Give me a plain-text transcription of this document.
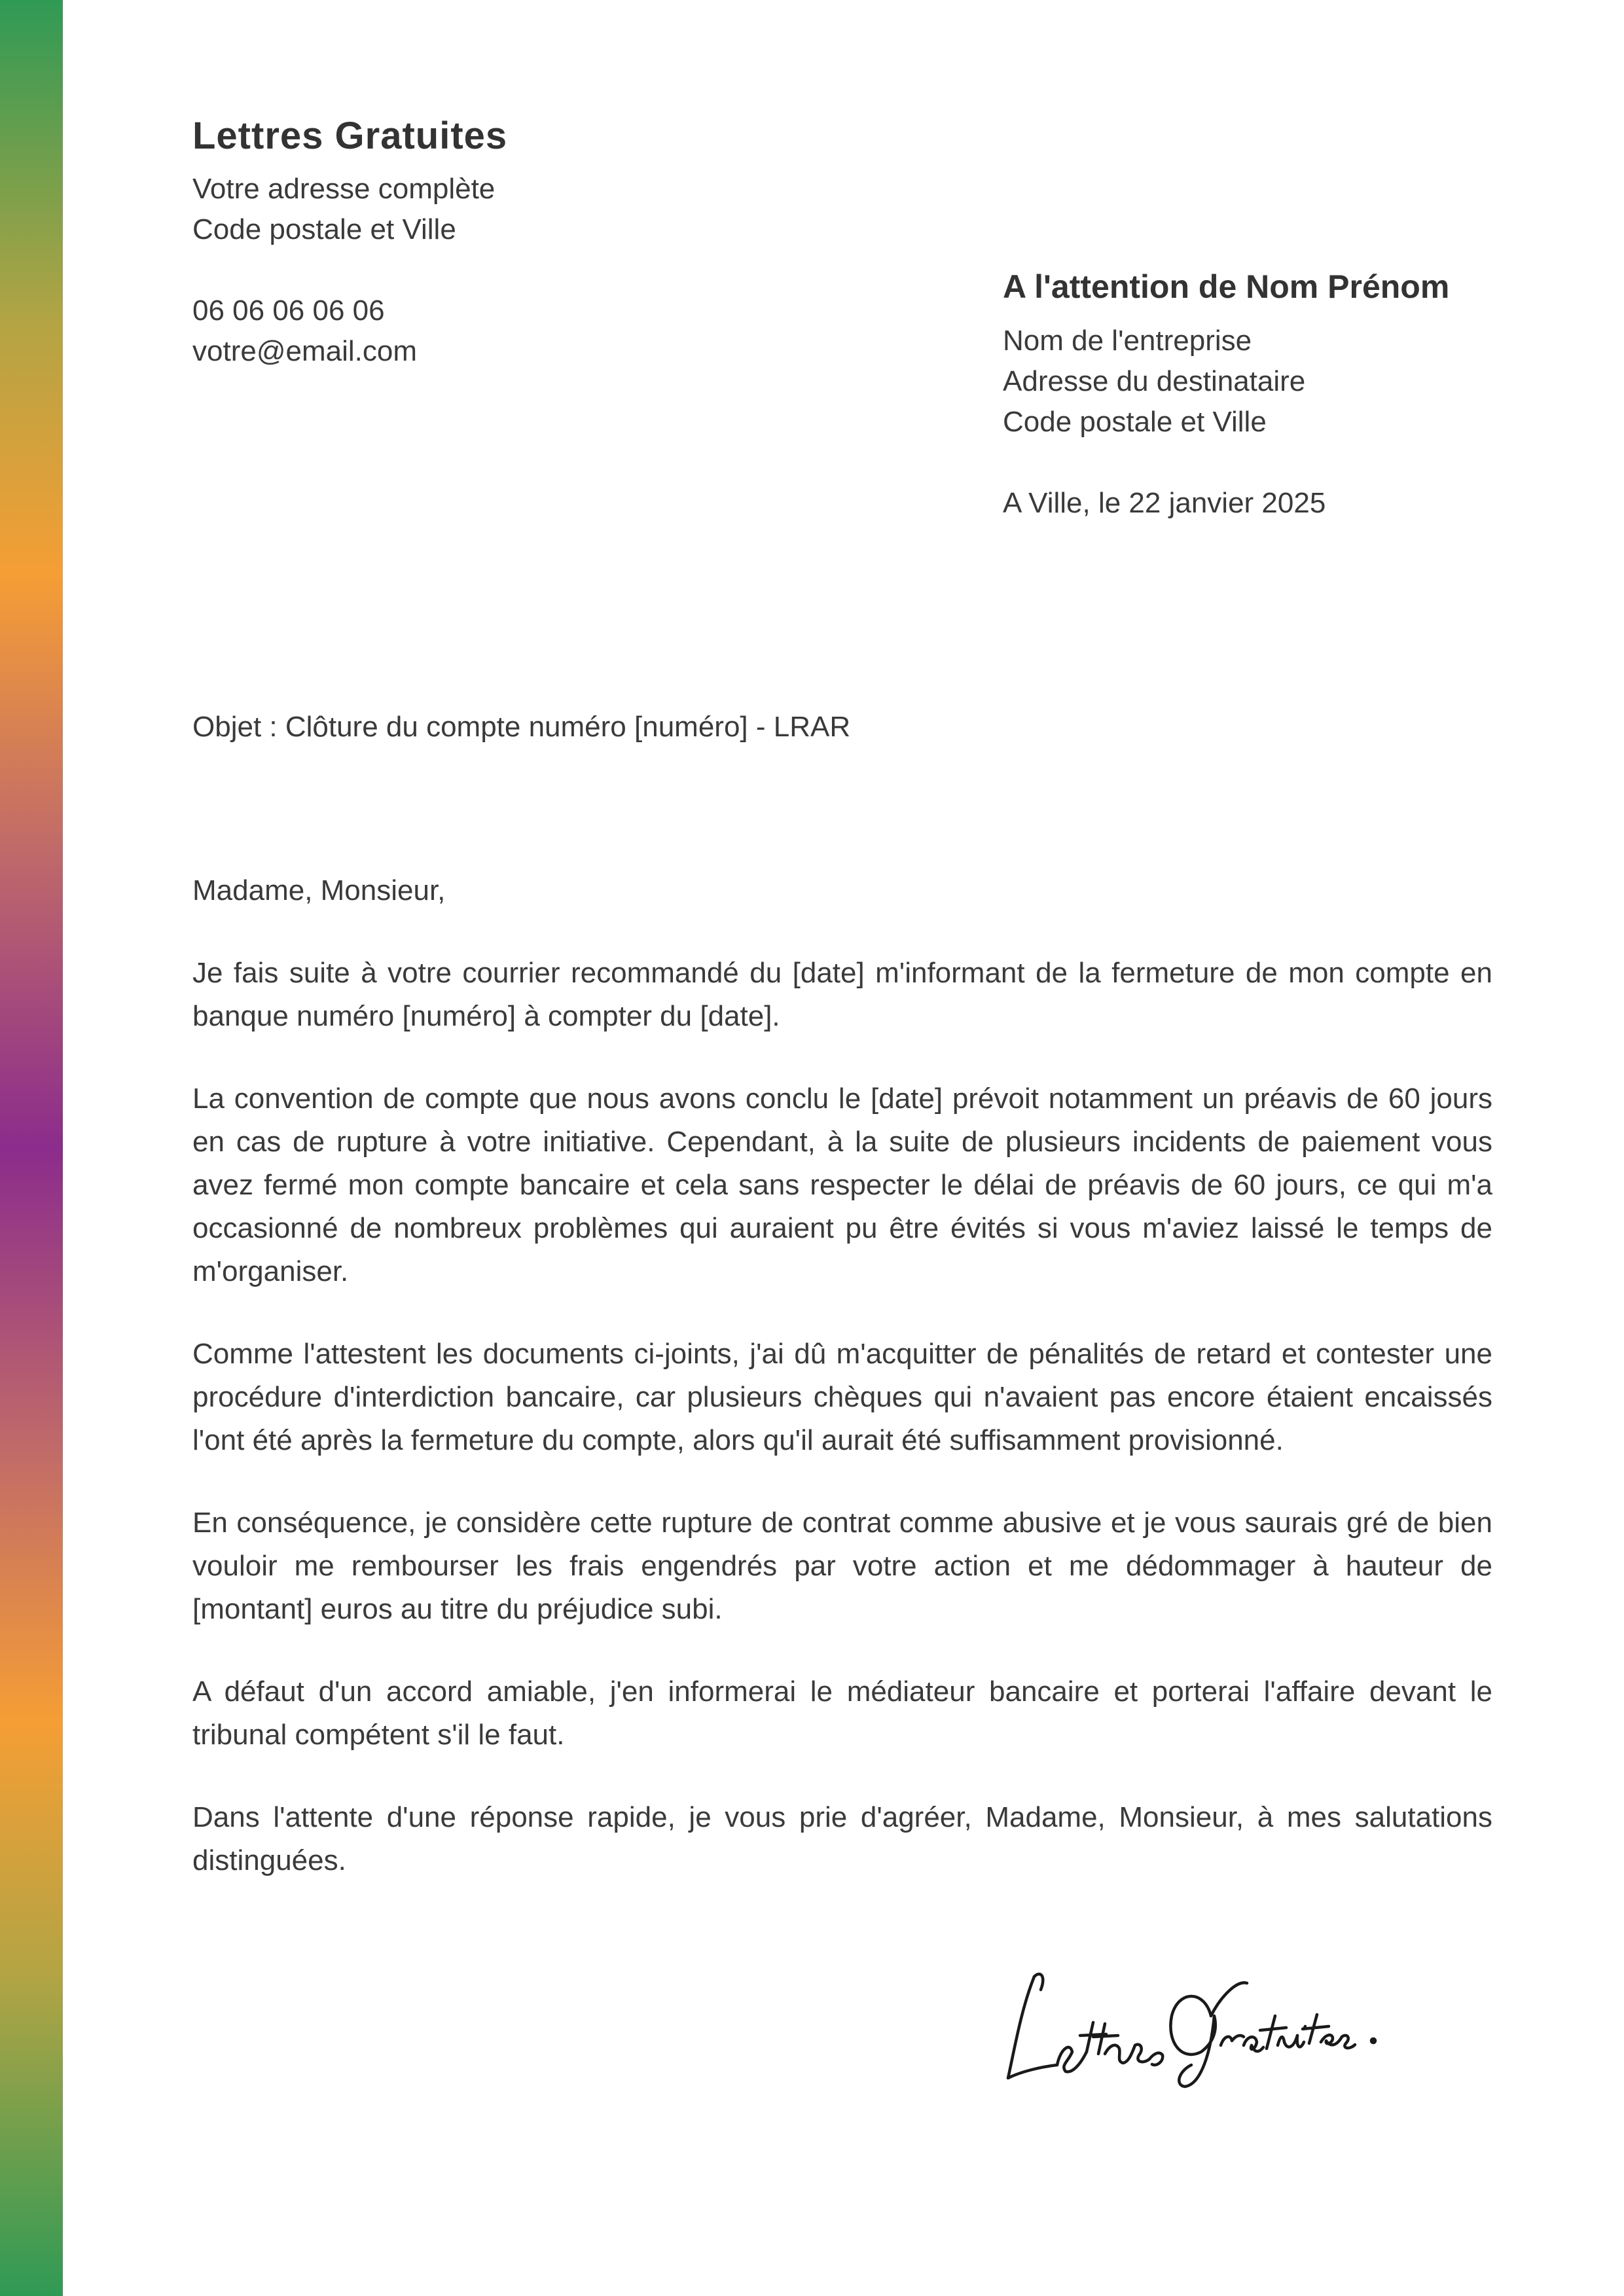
Lettres Gratuites
Votre adresse complète
Code postale et Ville
06 06 06 06 06
votre@email.com
A l'attention de Nom Prénom
Nom de l'entreprise
Adresse du destinataire
Code postale et Ville
A Ville, le 22 janvier 2025
Objet : Clôture du compte numéro [numéro] - LRAR

Madame, Monsieur,

Je fais suite à votre courrier recommandé du [date] m'informant de la fermeture de mon compte en banque numéro [numéro] à compter du [date].

La convention de compte que nous avons conclu le [date] prévoit notamment un préavis de 60 jours en cas de rupture à votre initiative. Cependant, à la suite de plusieurs incidents de paiement vous avez fermé mon compte bancaire et cela sans respecter le délai de préavis de 60 jours, ce qui m'a occasionné de nombreux problèmes qui auraient pu être évités si vous m'aviez laissé le temps de m'organiser.

Comme l'attestent les documents ci-joints, j'ai dû m'acquitter de pénalités de retard et contester une procédure d'interdiction bancaire, car plusieurs chèques qui n'avaient pas encore étaient encaissés l'ont été après la fermeture du compte, alors qu'il aurait été suffisamment provisionné.

En conséquence, je considère cette rupture de contrat comme abusive et je vous saurais gré de bien vouloir me rembourser les frais engendrés par votre action et me dédommager à hauteur de [montant] euros au titre du préjudice subi.

A défaut d'un accord amiable, j'en informerai le médiateur bancaire et porterai l'affaire devant le tribunal compétent s'il le faut.

Dans l'attente d'une réponse rapide, je vous prie d'agréer, Madame, Monsieur, à mes salutations distinguées.
